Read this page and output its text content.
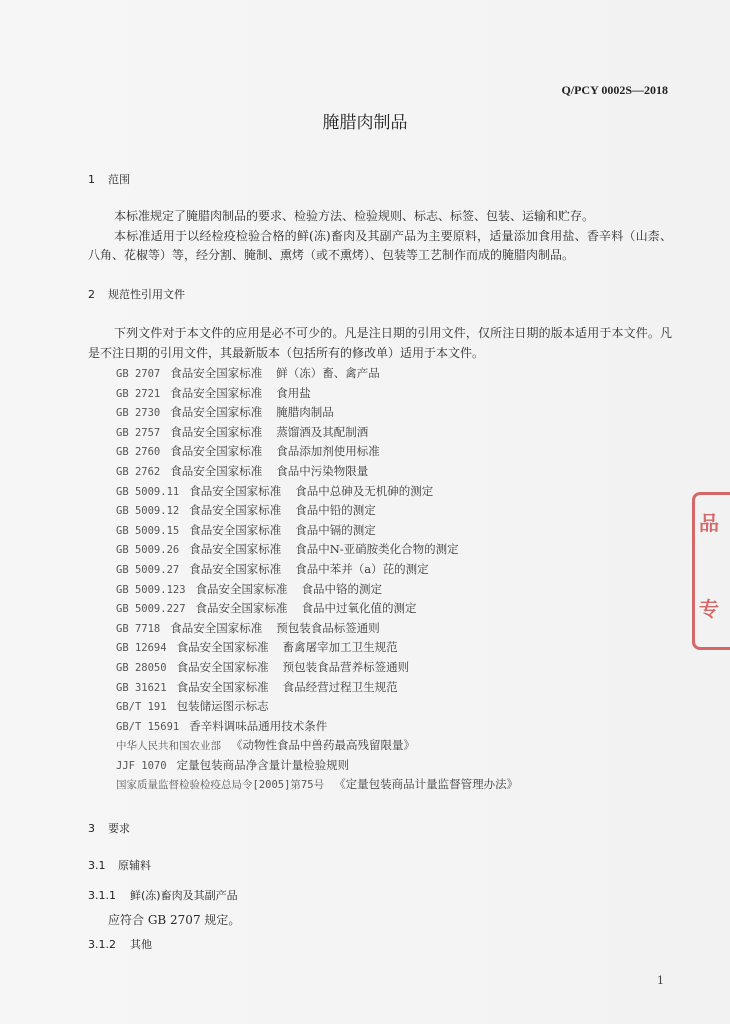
Q/PCY 0002S—2018
腌腊肉制品
1 范围

本标准规定了腌腊肉制品的要求、检验方法、检验规则、标志、标签、包装、运输和贮存。

本标准适用于以经检疫检验合格的鲜(冻)畜肉及其副产品为主要原料，适量添加食用盐、香辛料（山柰、八角、花椒等）等，经分割、腌制、熏烤（或不熏烤）、包装等工艺制作而成的腌腊肉制品。

2 规范性引用文件

下列文件对于本文件的应用是必不可少的。凡是注日期的引用文件，仅所注日期的版本适用于本文件。凡是不注日期的引用文件，其最新版本（包括所有的修改单）适用于本文件。

GB 2707 食品安全国家标准 鲜（冻）畜、禽产品
GB 2721 食品安全国家标准 食用盐
GB 2730 食品安全国家标准 腌腊肉制品
GB 2757 食品安全国家标准 蒸馏酒及其配制酒
GB 2760 食品安全国家标准 食品添加剂使用标准
GB 2762 食品安全国家标准 食品中污染物限量
GB 5009.11 食品安全国家标准 食品中总砷及无机砷的测定
GB 5009.12 食品安全国家标准 食品中铅的测定
GB 5009.15 食品安全国家标准 食品中镉的测定
GB 5009.26 食品安全国家标准 食品中N-亚硝胺类化合物的测定
GB 5009.27 食品安全国家标准 食品中苯并（a）芘的测定
GB 5009.123 食品安全国家标准 食品中铬的测定
GB 5009.227 食品安全国家标准 食品中过氧化值的测定
GB 7718 食品安全国家标准 预包装食品标签通则
GB 12694 食品安全国家标准 畜禽屠宰加工卫生规范
GB 28050 食品安全国家标准 预包装食品营养标签通则
GB 31621 食品安全国家标准 食品经营过程卫生规范
GB/T 191 包装储运图示标志
GB/T 15691 香辛料调味品通用技术条件
中华人民共和国农业部 《动物性食品中兽药最高残留限量》
JJF 1070 定量包装商品净含量计量检验规则
国家质量监督检验检疫总局令[2005]第75号 《定量包装商品计量监督管理办法》
3 要求
3.1 原辅料
3.1.1 鲜(冻)畜肉及其副产品
应符合 GB 2707 规定。
3.1.2 其他
1
品
专
